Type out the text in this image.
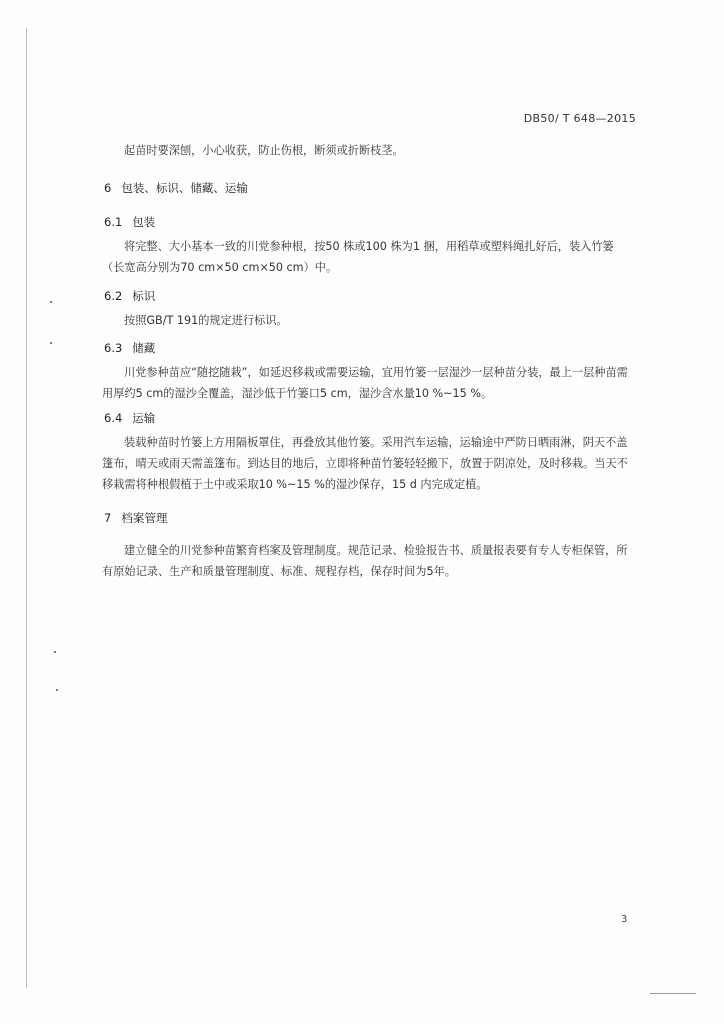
DB50/ T 648—2015
起苗时要深刨，小心收获，防止伤根，断须或折断枝茎。
6 包装、标识、储藏、运输
6.1 包装
将完整、大小基本一致的川党参种根，按50 株或100 株为1 捆，用稻草或塑料绳扎好后，装入竹篓（长宽高分别为70 cm×50 cm×50 cm）中。
6.2 标识
按照GB/T 191的规定进行标识。
6.3 储藏
川党参种苗应“随挖随栽”，如延迟移栽或需要运输，宜用竹篓一层湿沙一层种苗分装，最上一层种苗需用厚约5 cm的湿沙全覆盖，湿沙低于竹篓口5 cm，湿沙含水量10 %~15 %。
6.4 运输
装载种苗时竹篓上方用隔板罩住，再叠放其他竹篓。采用汽车运输，运输途中严防日晒雨淋，阴天不盖篷布，晴天或雨天需盖篷布。到达目的地后，立即将种苗竹篓轻轻搬下，放置于阴凉处，及时移栽。当天不移栽需将种根假植于土中或采取10 %~15 %的湿沙保存，15 d 内完成定植。
7 档案管理
建立健全的川党参种苗繁育档案及管理制度。规范记录、检验报告书、质量报表要有专人专柜保管，所有原始记录、生产和质量管理制度、标准、规程存档，保存时间为5年。
3
